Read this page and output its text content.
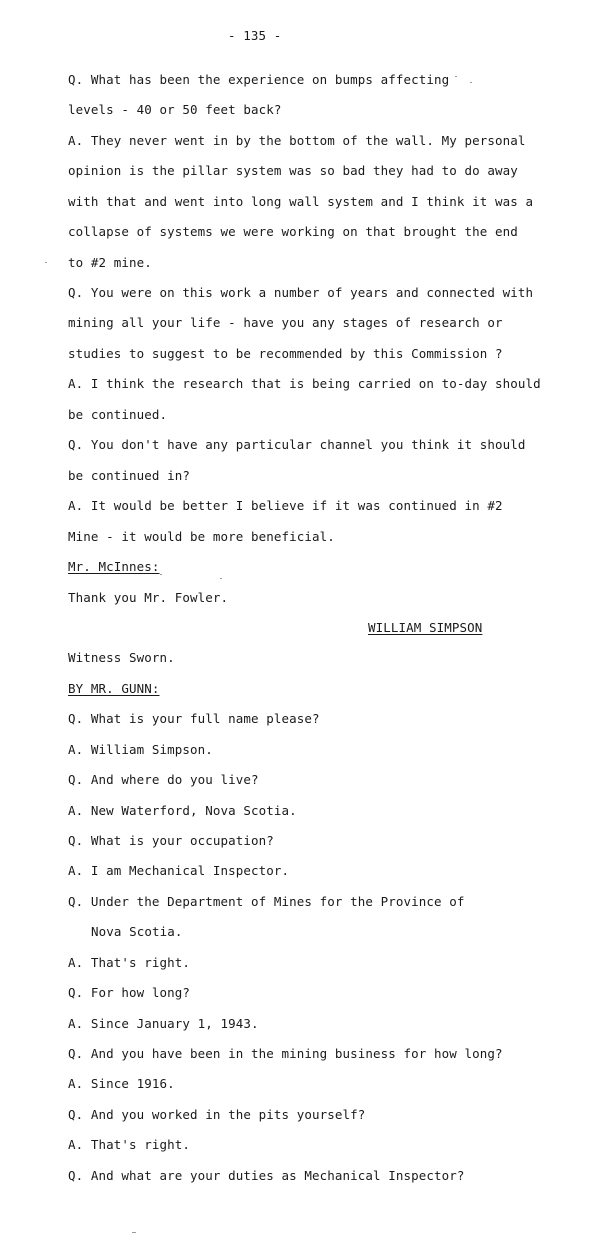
- 135 -
Q. What has been the experience on bumps affecting
levels - 40 or 50 feet back?
A. They never went in by the bottom of the wall. My personal
opinion is the pillar system was so bad they had to do away
with that and went into long wall system and I think it was a
collapse of systems we were working on that brought the end
to #2 mine.
Q. You were on this work a number of years and connected with
mining all your life - have you any stages of research or
studies to suggest to be recommended by this Commission ?
A. I think the research that is being carried on to-day should
be continued.
Q. You don't have any particular channel you think it should
be continued in?
A. It would be better I believe if it was continued in #2
Mine - it would be more beneficial.
Mr. McInnes:
Thank you Mr. Fowler.
WILLIAM SIMPSON
Witness Sworn.
BY MR. GUNN:
Q. What is your full name please?
A. William Simpson.
Q. And where do you live?
A. New Waterford, Nova Scotia.
Q. What is your occupation?
A. I am Mechanical Inspector.
Q. Under the Department of Mines for the Province of
Nova Scotia.
A. That's right.
Q. For how long?
A. Since January 1, 1943.
Q. And you have been in the mining business for how long?
A. Since 1916.
Q. And you worked in the pits yourself?
A. That's right.
Q. And what are your duties as Mechanical Inspector?
